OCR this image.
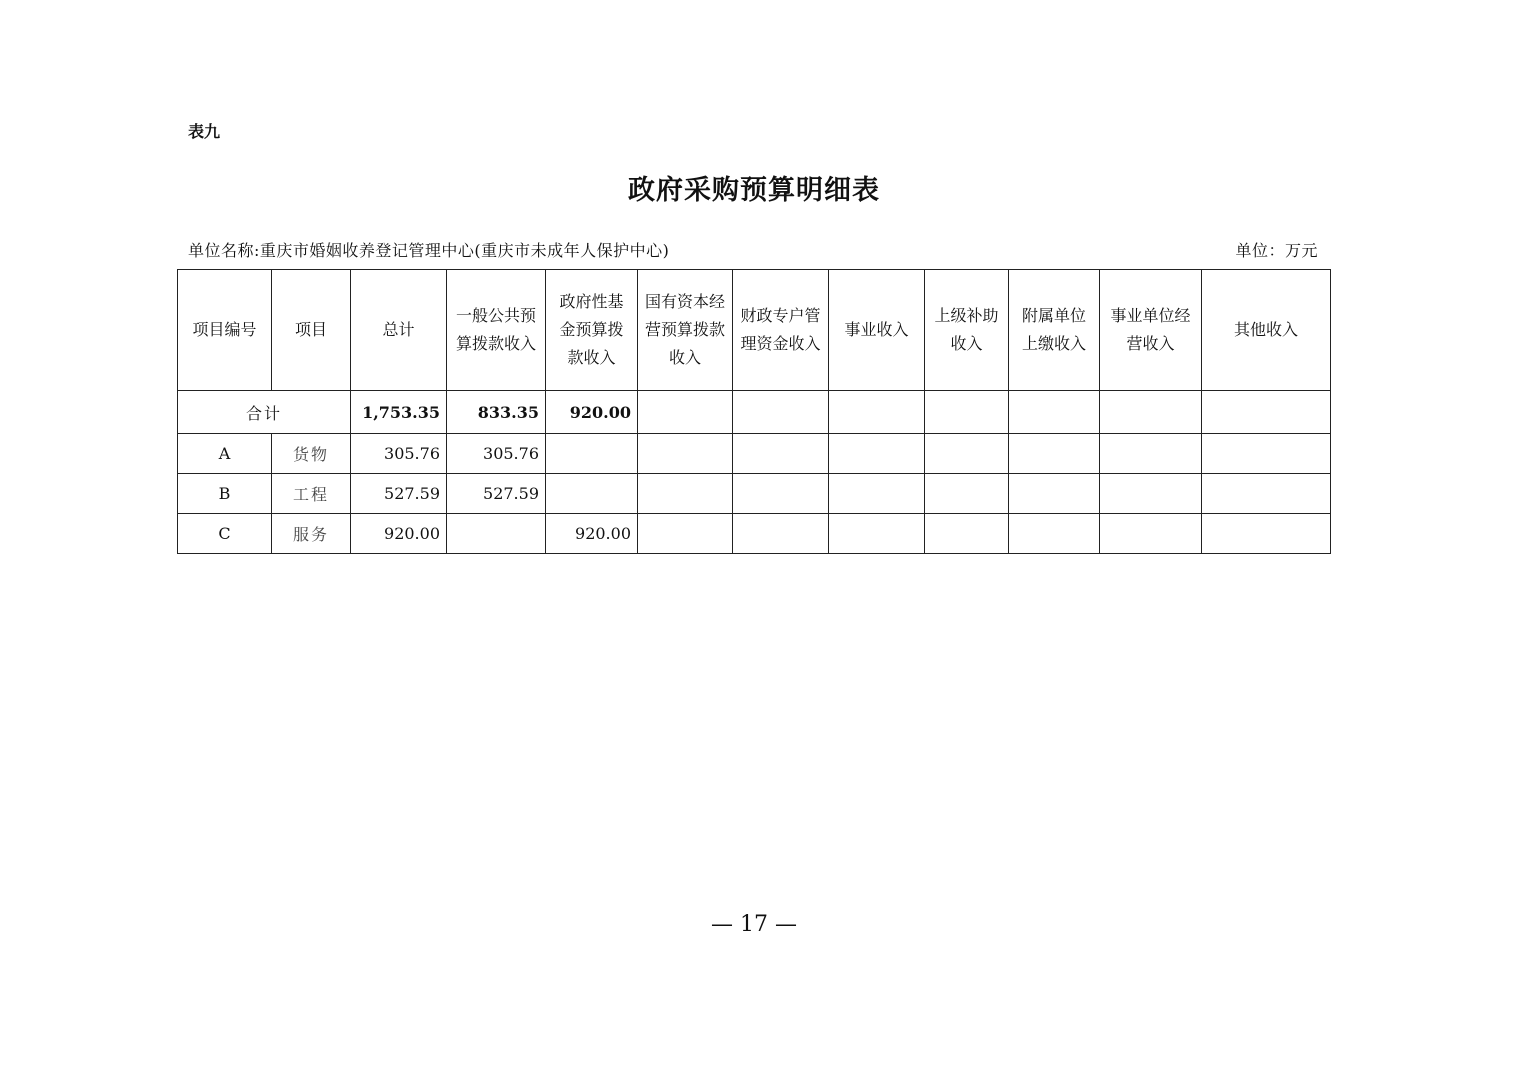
表九
政府采购预算明细表
单位名称:重庆市婚姻收养登记管理中心(重庆市未成年人保护中心)	单位：万元
项目编号	项目	总计	一般公共预算拨款收入	政府性基金预算拨款收入	国有资本经营预算拨款收入	财政专户管理资金收入	事业收入	上级补助收入	附属单位上缴收入	事业单位经营收入	其他收入
合计		1,753.35	833.35	920.00							
A	货物	305.76	305.76								
B	工程	527.59	527.59								
C	服务	920.00		920.00							
— 17 —
